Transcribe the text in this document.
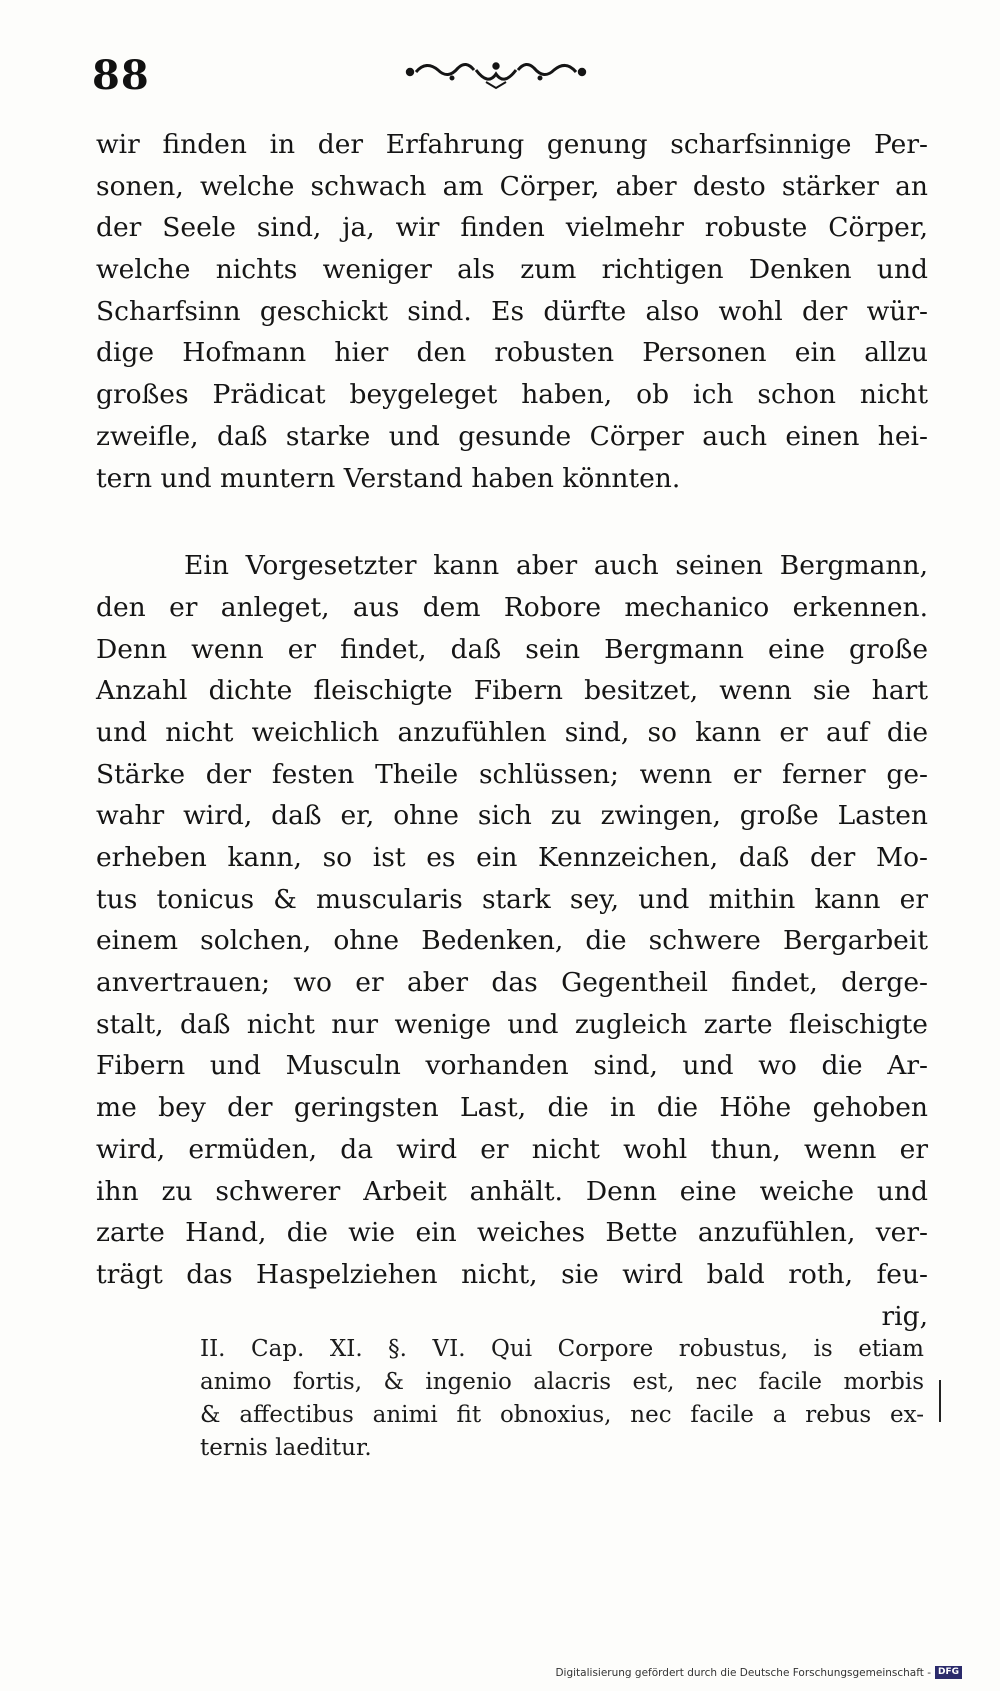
88
wir finden in der Erfahrung genung scharfsinnige Per-
sonen, welche schwach am Cörper, aber desto stärker an
der Seele sind, ja, wir finden vielmehr robuste Cörper,
welche nichts weniger als zum richtigen Denken und
Scharfsinn geschickt sind. Es dürfte also wohl der wür-
dige Hofmann hier den robusten Personen ein allzu
großes Prädicat beygeleget haben, ob ich schon nicht
zweifle, daß starke und gesunde Cörper auch einen hei-
tern und muntern Verstand haben könnten.
Ein Vorgesetzter kann aber auch seinen Bergmann,
den er anleget, aus dem Robore mechanico erkennen.
Denn wenn er findet, daß sein Bergmann eine große
Anzahl dichte fleischigte Fibern besitzet, wenn sie hart
und nicht weichlich anzufühlen sind, so kann er auf die
Stärke der festen Theile schlüssen; wenn er ferner ge-
wahr wird, daß er, ohne sich zu zwingen, große Lasten
erheben kann, so ist es ein Kennzeichen, daß der Mo-
tus tonicus & muscularis stark sey, und mithin kann er
einem solchen, ohne Bedenken, die schwere Bergarbeit
anvertrauen; wo er aber das Gegentheil findet, derge-
stalt, daß nicht nur wenige und zugleich zarte fleischigte
Fibern und Musculn vorhanden sind, und wo die Ar-
me bey der geringsten Last, die in die Höhe gehoben
wird, ermüden, da wird er nicht wohl thun, wenn er
ihn zu schwerer Arbeit anhält. Denn eine weiche und
zarte Hand, die wie ein weiches Bette anzufühlen, ver-
trägt das Haspelziehen nicht, sie wird bald roth, feu-
rig,
II. Cap. XI. §. VI. Qui Corpore robustus, is etiam
animo fortis, & ingenio alacris est, nec facile morbis
& affectibus animi fit obnoxius, nec facile a rebus ex-
ternis laeditur.
Digitalisierung gefördert durch die Deutsche Forschungsgemeinschaft - DFG
